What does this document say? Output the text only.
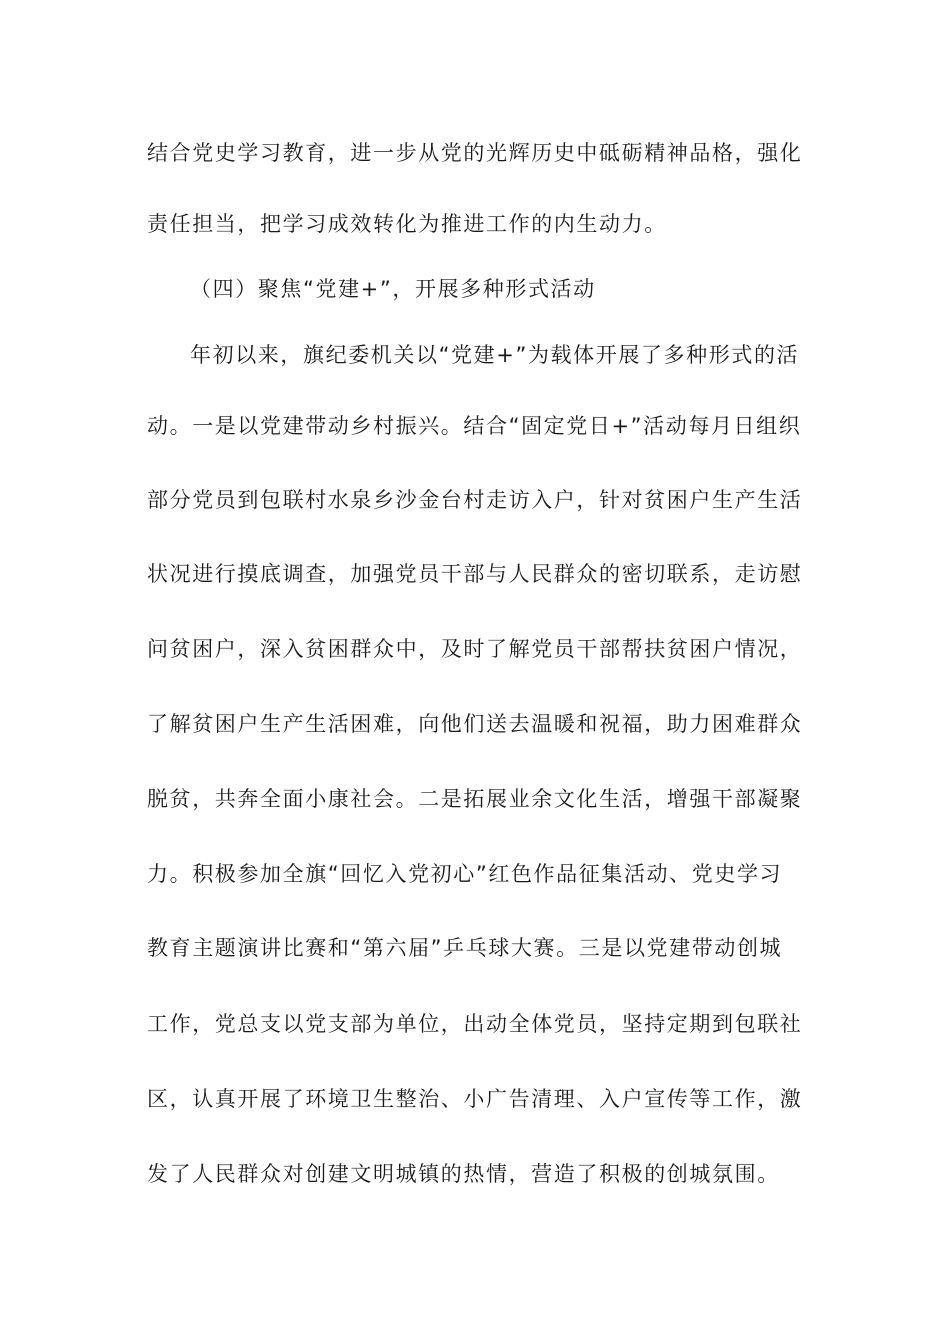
结合党史学习教育，进一步从党的光辉历史中砥砺精神品格，强化
责任担当，把学习成效转化为推进工作的内生动力。
（四）聚焦“党建+”，开展多种形式活动
年初以来，旗纪委机关以“党建+”为载体开展了多种形式的活
动。一是以党建带动乡村振兴。结合“固定党日+”活动每月日组织
部分党员到包联村水泉乡沙金台村走访入户，针对贫困户生产生活
状况进行摸底调查，加强党员干部与人民群众的密切联系，走访慰
问贫困户，深入贫困群众中，及时了解党员干部帮扶贫困户情况，
了解贫困户生产生活困难，向他们送去温暖和祝福，助力困难群众
脱贫，共奔全面小康社会。二是拓展业余文化生活，增强干部凝聚
力。积极参加全旗“回忆入党初心”红色作品征集活动、党史学习
教育主题演讲比赛和“第六届”乒乓球大赛。三是以党建带动创城
工作，党总支以党支部为单位，出动全体党员，坚持定期到包联社
区，认真开展了环境卫生整治、小广告清理、入户宣传等工作，激
发了人民群众对创建文明城镇的热情，营造了积极的创城氛围。
